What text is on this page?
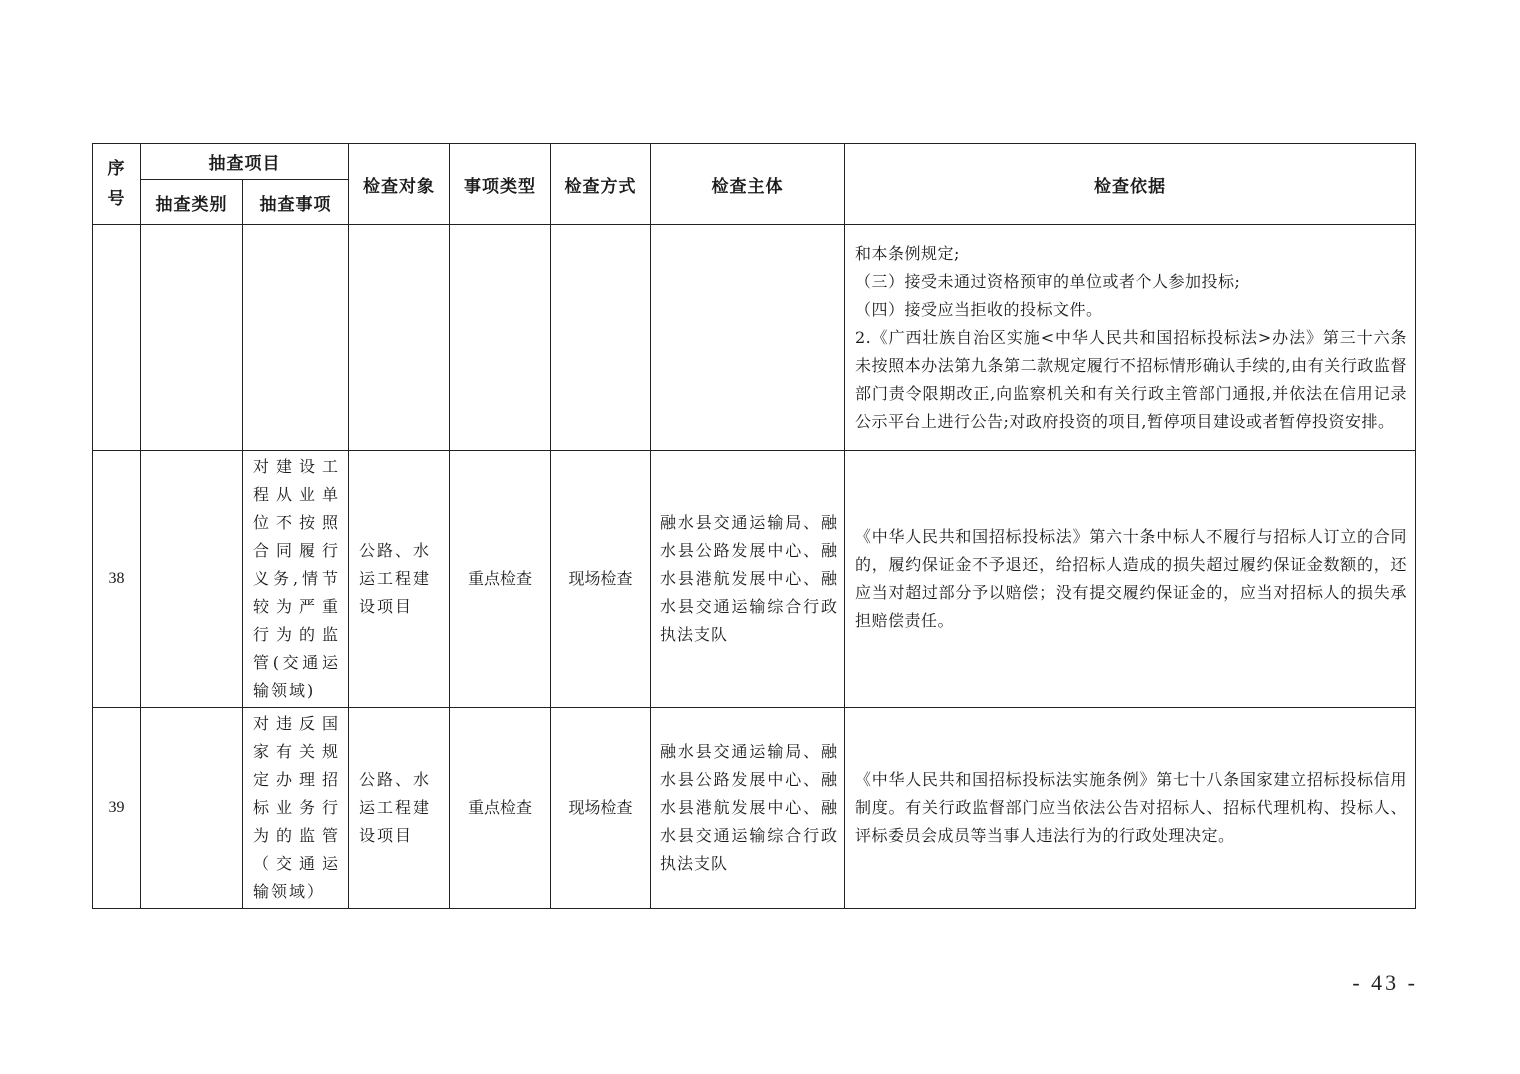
序号	抽查项目		检查对象	事项类型	检查方式	检查主体	检查依据
	抽查类别	抽查事项					

							和本条例规定;
（三）接受未通过资格预审的单位或者个人参加投标;
（四）接受应当拒收的投标文件。
2.《广西壮族自治区实施<中华人民共和国招标投标法>办法》第三十六条未按照本办法第九条第二款规定履行不招标情形确认手续的,由有关行政监督部门责令限期改正,向监察机关和有关行政主管部门通报,并依法在信用记录公示平台上进行公告;对政府投资的项目,暂停项目建设或者暂停投资安排。

38		对建设工程从业单位不按照合同履行义务,情节较为严重行为的监管(交通运输领域)	公路、水运工程建设项目	重点检查	现场检查	融水县交通运输局、融水县公路发展中心、融水县港航发展中心、融水县交通运输综合行政执法支队	《中华人民共和国招标投标法》第六十条中标人不履行与招标人订立的合同的，履约保证金不予退还，给招标人造成的损失超过履约保证金数额的，还应当对超过部分予以赔偿；没有提交履约保证金的，应当对招标人的损失承担赔偿责任。

39		对违反国家有关规定办理招标业务行为的监管（交通运输领域）	公路、水运工程建设项目	重点检查	现场检查	融水县交通运输局、融水县公路发展中心、融水县港航发展中心、融水县交通运输综合行政执法支队	《中华人民共和国招标投标法实施条例》第七十八条国家建立招标投标信用制度。有关行政监督部门应当依法公告对招标人、招标代理机构、投标人、评标委员会成员等当事人违法行为的行政处理决定。
- 43 -
